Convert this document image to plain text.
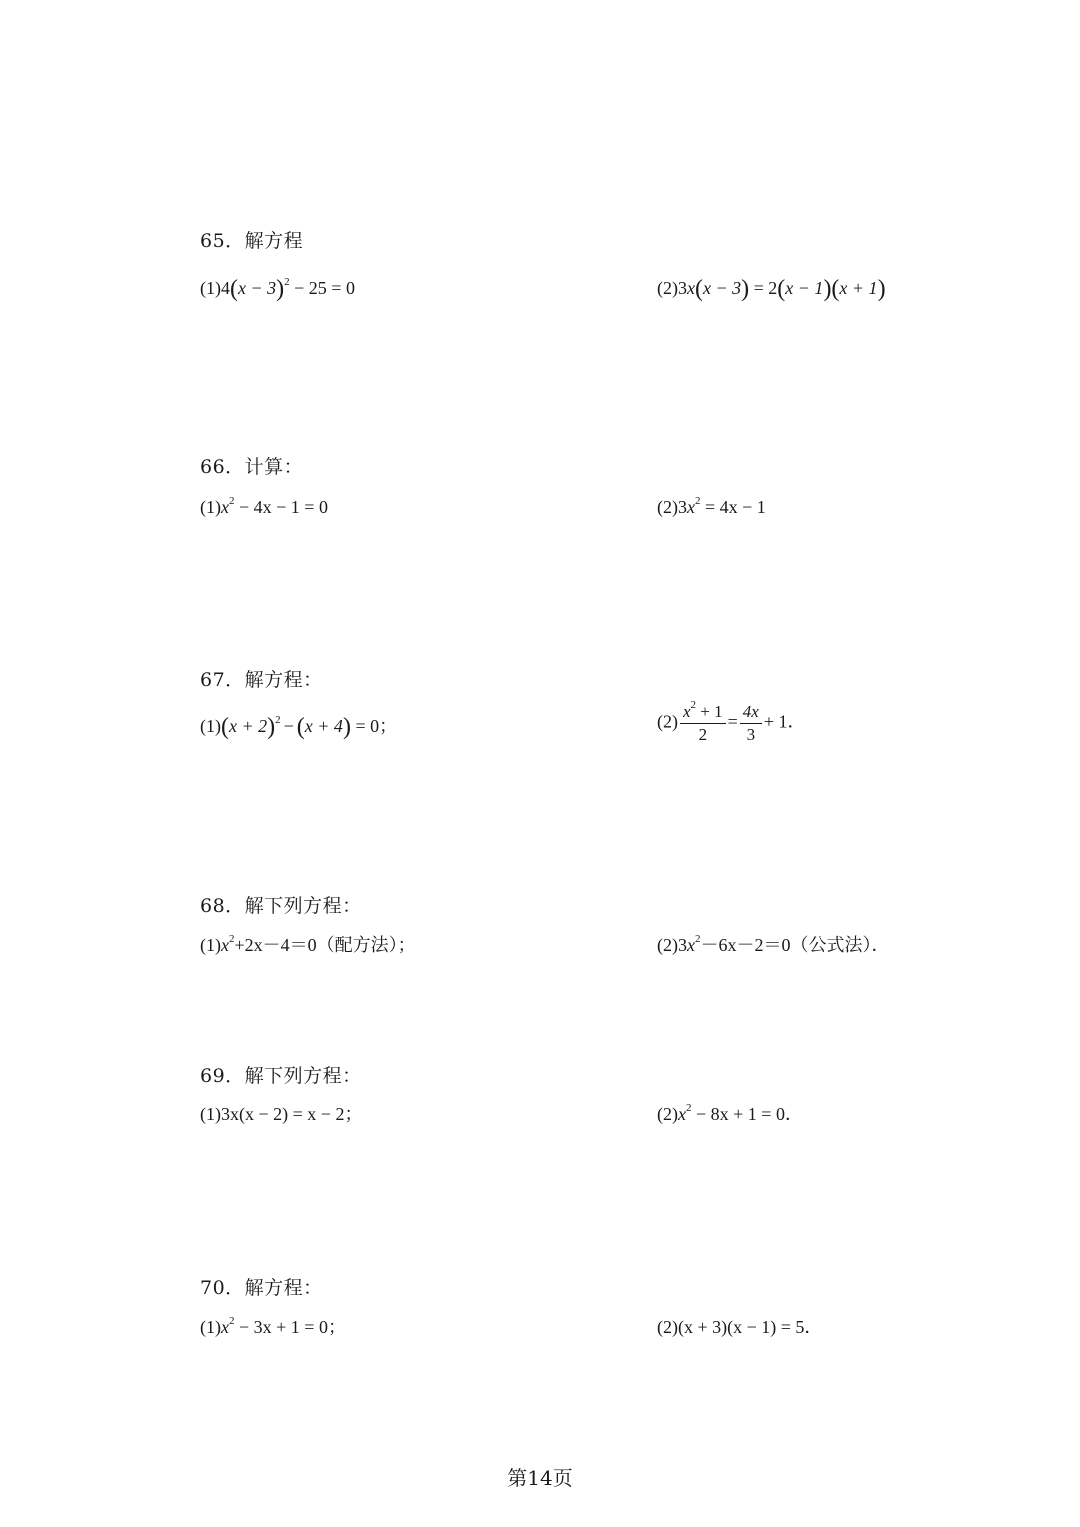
65．解方程
$(1)4(x - 3)^2 - 25 = 0$	(2)3x(x − 3) = 2(x − 1)(x + 1)
66．计算：
$(1)x^2 - 4x - 1 = 0$	$(2)3x^2 = 4x - 1$
67．解方程：
$(1)(x + 2)^2 - (x + 4) = 0$；	$(2) \frac{x^2 + 1}{2} = \frac{4x}{3} + 1$．
68．解下列方程：
$(1)x^2+2x-4=0$（配方法）；	$(2)3x^2-6x-2=0$（公式法）．
69．解下列方程：
(1)3x(x − 2) = x − 2；	$(2)x^2 - 8x + 1 = 0$．
70．解方程：
$(1)x^2 - 3x + 1 = 0$；	(2)(x + 3)(x − 1) = 5．
第14页
